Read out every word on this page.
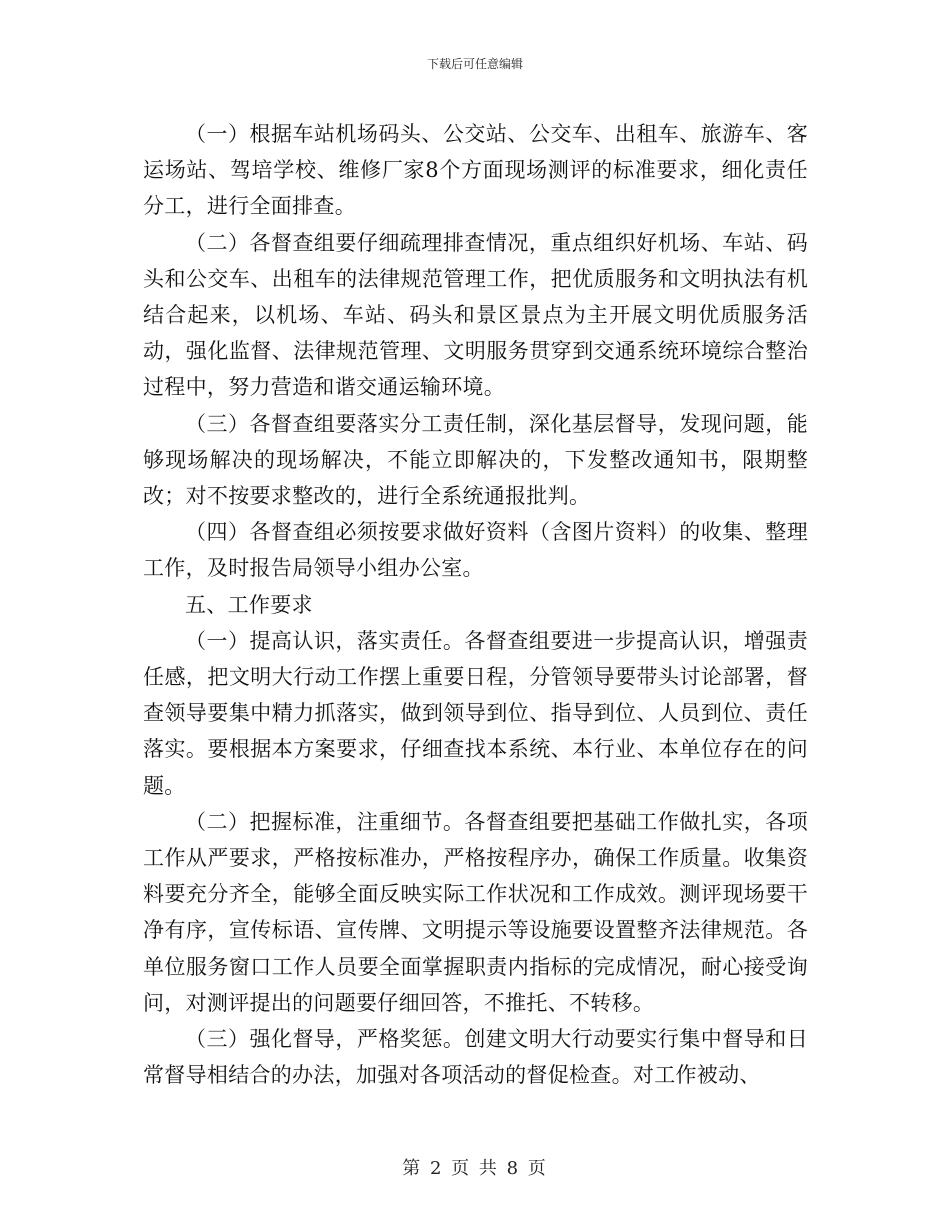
下载后可任意编辑

（一）根据车站机场码头、公交站、公交车、出租车、旅游车、客运场站、驾培学校、维修厂家8个方面现场测评的标准要求，细化责任分工，进行全面排查。

（二）各督查组要仔细疏理排查情况，重点组织好机场、车站、码头和公交车、出租车的法律规范管理工作，把优质服务和文明执法有机结合起来，以机场、车站、码头和景区景点为主开展文明优质服务活动，强化监督、法律规范管理、文明服务贯穿到交通系统环境综合整治过程中，努力营造和谐交通运输环境。

（三）各督查组要落实分工责任制，深化基层督导，发现问题，能够现场解决的现场解决，不能立即解决的，下发整改通知书，限期整改；对不按要求整改的，进行全系统通报批判。

（四）各督查组必须按要求做好资料（含图片资料）的收集、整理工作，及时报告局领导小组办公室。

五、工作要求

（一）提高认识，落实责任。各督查组要进一步提高认识，增强责任感，把文明大行动工作摆上重要日程，分管领导要带头讨论部署，督查领导要集中精力抓落实，做到领导到位、指导到位、人员到位、责任落实。要根据本方案要求，仔细查找本系统、本行业、本单位存在的问题。

（二）把握标准，注重细节。各督查组要把基础工作做扎实，各项工作从严要求，严格按标准办，严格按程序办，确保工作质量。收集资料要充分齐全，能够全面反映实际工作状况和工作成效。测评现场要干净有序，宣传标语、宣传牌、文明提示等设施要设置整齐法律规范。各单位服务窗口工作人员要全面掌握职责内指标的完成情况，耐心接受询问，对测评提出的问题要仔细回答，不推托、不转移。

（三）强化督导，严格奖惩。创建文明大行动要实行集中督导和日常督导相结合的办法，加强对各项活动的督促检查。对工作被动、

第 2 页 共 8 页
